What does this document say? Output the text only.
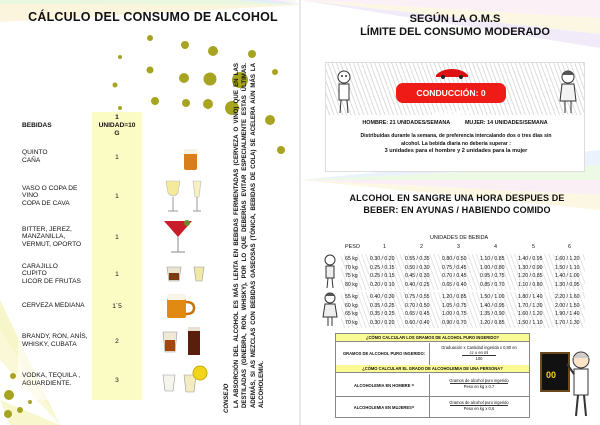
CÁLCULO DEL CONSUMO DE ALCOHOL
BEBIDAS	1
UNIDAD=10
G	
QUINTO
CAÑA	1	

VASO O COPA DE
VINO
COPA DE CAVA	1	

BITTER, JEREZ,
MANZANILLA,
VERMUT, OPORTO	1	

CARAJILLO
CUPITO
LICOR DE FRUTAS	1	

CERVEZA MEDIANA	1´5	

BRANDY, RON, ANÍS,
WHISKY, CUBATA	2	

VODKA, TEQUILA ,
AGUARDIENTE.	3		LA ABSORCIÓN DEL ALCOHOL ES MÁS LENTA EN BEBIDAS FERMENTADAS (CERVEZA O VINO) QUE EN LAS DESTILADAS (GINEBRA, RON, WHISKY), POR LO QUE DEBERÍAS EVITAR ESPECIALMENTE ESTAS ÚLTIMAS. ADEMÁS, SI AS MEZCLAS CON BEBIDAS GASEOSAS (TÓNICA, BEBIDAS DE COLA) SE ACELERA AÚN MÁS LA ALCOHOLEMIA.
CONSEJO
SEGÚN LA O.M.S
LÍMITE DEL CONSUMO MODERADO
CONDUCCIÓN: 0 UNIDADES
HOMBRE: 21 UNIDADES/SEMANA	MUJER: 14 UNIDADES/SEMANA
Distribuidas durante la semana, de preferencia intercalando dos o tres días sin
alcohol. La bebida diaria no debería superar :
3 unidades para el hombre y 2 unidades para la mujer
ALCOHOL EN SANGRE UNA HORA DESPUES DE
BEBER: EN AYUNAS / HABIENDO COMIDO
UNIDADES DE BEBIDA
PESO	1	2	3	4	5	6
65 kg 0.30 / 0.20 0.55 / 0.35 0.80 / 0.50	1.10 / 0.85	1.40 / 0.95 1.60 / 1.20
70 kg 0.25 / 0.15 0.50 / 0.30 0.75 / 0.45	1.00 / 0.80	1.30 / 0.90 1.50 / 1.10
75 kg 0.25 / 0.15 0.45 / 0.30 0.70 / 0.45	0.95 / 0.75	1.20 / 0.85 1.40 / 1.00
80 kg 0.20 / 0.10 0.40 / 0.25 0.65 / 0.40	0.85 / 0.70	1.10 / 0.80 1.30 / 0.95
55 kg 0.40 / 0.30 0.75 / 0.55 1.20 / 0.85	1.50 / 1.00	1.80 / 1.40 2.20 / 1.60
60 kg 0.35 / 0.25 0.70 / 0.50 1.05 / 0.75	1.40 / 0.95	1.70 / 1.30 2.00 / 1.50
65 kg 0.35 / 0.25 0.65 / 0.45 1.00 / 0.75	1.35 / 0.90	1.60 / 1.20 1.90 / 1.40
70 kg 0.30 / 0.20 0.60 / 0.40 0.90 / 0.70	1.20 / 0.85	1.50 / 1.10 1.70 / 1.30
¿CÓMO CALCULAR LOS GRAMOS DE ALCOHOL PURO INGERIDO?
GRAMOS DE ALCOHOL PURO INGERIDO:
Graduación x Cantidad ingerida x 0,80 en
cc o en ml
100
¿CÓMO CALCULAR EL GRADO DE ALCOHOLEMIA DE UNA PERSONA?
ALCOHOLEMIA EN HOMBRE =
Gramos de alcohol puro ingerido
Peso en kg x 0,7
ALCOHOLEMIA EN MUJERES=
Gramos de alcohol puro ingerido
Peso en kg x 0,6
00
